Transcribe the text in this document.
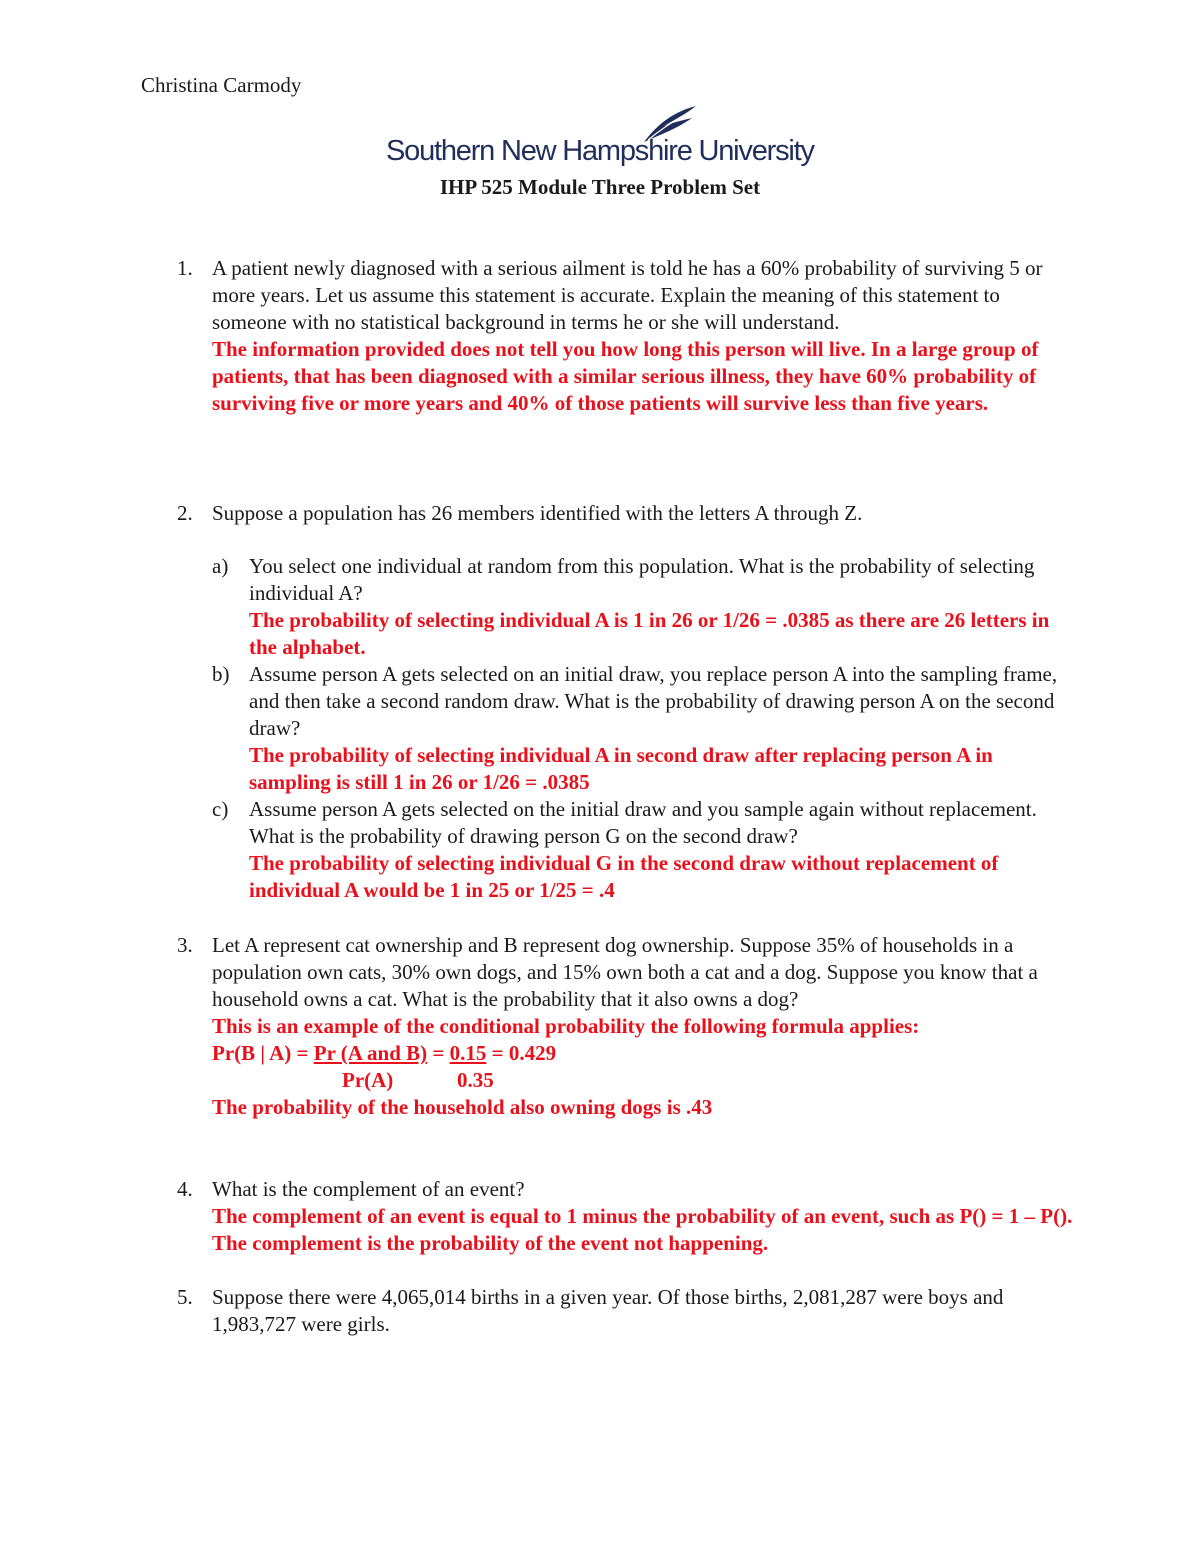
Christina Carmody
Southern New Hampshire University
IHP 525 Module Three Problem Set
1. A patient newly diagnosed with a serious ailment is told he has a 60% probability of surviving 5 or more years. Let us assume this statement is accurate. Explain the meaning of this statement to someone with no statistical background in terms he or she will understand.
The information provided does not tell you how long this person will live. In a large group of patients, that has been diagnosed with a similar serious illness, they have 60% probability of surviving five or more years and 40% of those patients will survive less than five years.
2. Suppose a population has 26 members identified with the letters A through Z.
a) You select one individual at random from this population. What is the probability of selecting individual A?
The probability of selecting individual A is 1 in 26 or 1/26 = .0385 as there are 26 letters in the alphabet.
b) Assume person A gets selected on an initial draw, you replace person A into the sampling frame, and then take a second random draw. What is the probability of drawing person A on the second draw?
The probability of selecting individual A in second draw after replacing person A in sampling is still 1 in 26 or 1/26 = .0385
c) Assume person A gets selected on the initial draw and you sample again without replacement. What is the probability of drawing person G on the second draw?
The probability of selecting individual G in the second draw without replacement of individual A would be 1 in 25 or 1/25 = .4
3. Let A represent cat ownership and B represent dog ownership. Suppose 35% of households in a population own cats, 30% own dogs, and 15% own both a cat and a dog. Suppose you know that a household owns a cat. What is the probability that it also owns a dog?
This is an example of the conditional probability the following formula applies:
Pr(B | A) = Pr (A and B) = 0.15 = 0.429
Pr(A)	0.35
The probability of the household also owning dogs is .43
4. What is the complement of an event?
The complement of an event is equal to 1 minus the probability of an event, such as P() = 1 – P(). The complement is the probability of the event not happening.
5. Suppose there were 4,065,014 births in a given year. Of those births, 2,081,287 were boys and 1,983,727 were girls.
